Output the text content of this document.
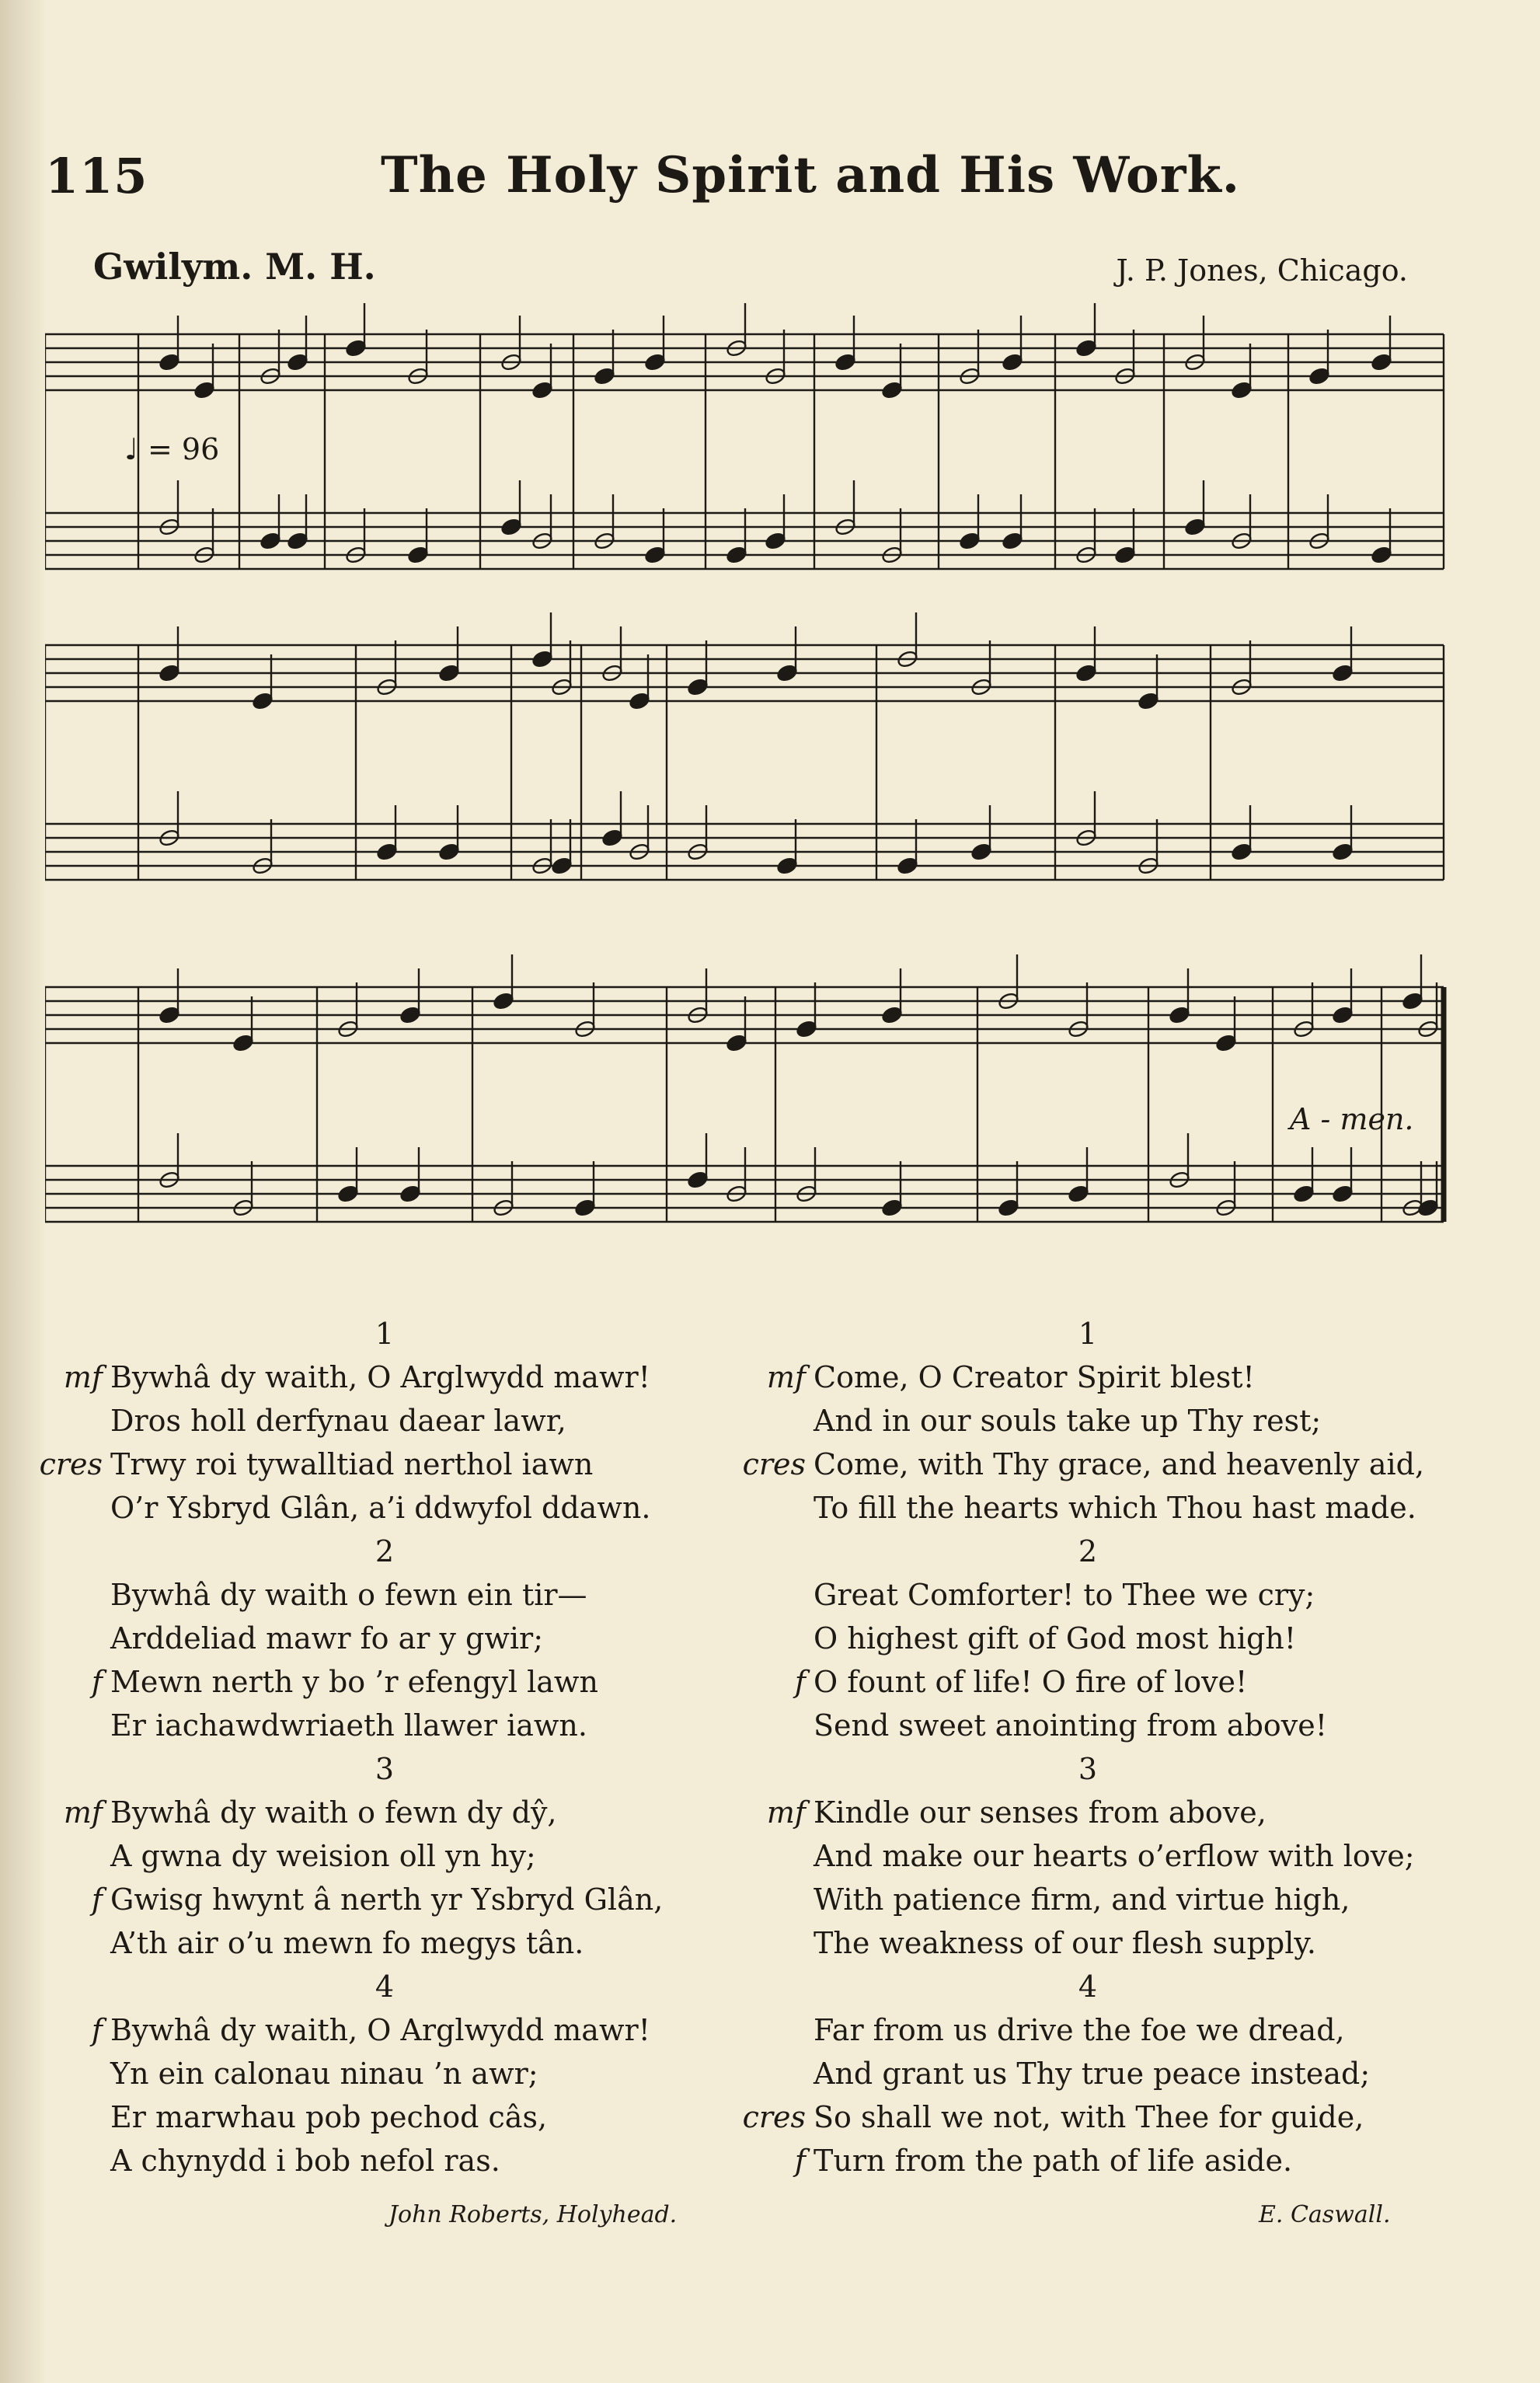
115	The Holy Spirit and His Work.
Gwilym. M. H.	J. P. Jones, Chicago.
♩ = 96
A - men.
1
mf Bywhâ dy waith, O Arglwydd mawr!
Dros holl derfynau daear lawr,
cres Trwy roi tywalltiad nerthol iawn
O’r Ysbryd Glân, a’i ddwyfol ddawn.
2
Bywhâ dy waith o fewn ein tir—
Arddeliad mawr fo ar y gwir;
f Mewn nerth y bo ’r efengyl lawn
Er iachawdwriaeth llawer iawn.
3
mf Bywhâ dy waith o fewn dy dŷ,
A gwna dy weision oll yn hy;
f Gwisg hwynt â nerth yr Ysbryd Glân,
A’th air o’u mewn fo megys tân.
4
f Bywhâ dy waith, O Arglwydd mawr!
Yn ein calonau ninau ’n awr;
Er marwhau pob pechod câs,
A chynydd i bob nefol ras.
1
mf Come, O Creator Spirit blest!
And in our souls take up Thy rest;
cres Come, with Thy grace, and heavenly aid,
To fill the hearts which Thou hast made.
2
Great Comforter! to Thee we cry;
O highest gift of God most high!
f O fount of life! O fire of love!
Send sweet anointing from above!
3
mf Kindle our senses from above,
And make our hearts o’erflow with love;
With patience firm, and virtue high,
The weakness of our flesh supply.
4
Far from us drive the foe we dread,
And grant us Thy true peace instead;
cres So shall we not, with Thee for guide,
f Turn from the path of life aside.
John Roberts, Holyhead.	E. Caswall.
